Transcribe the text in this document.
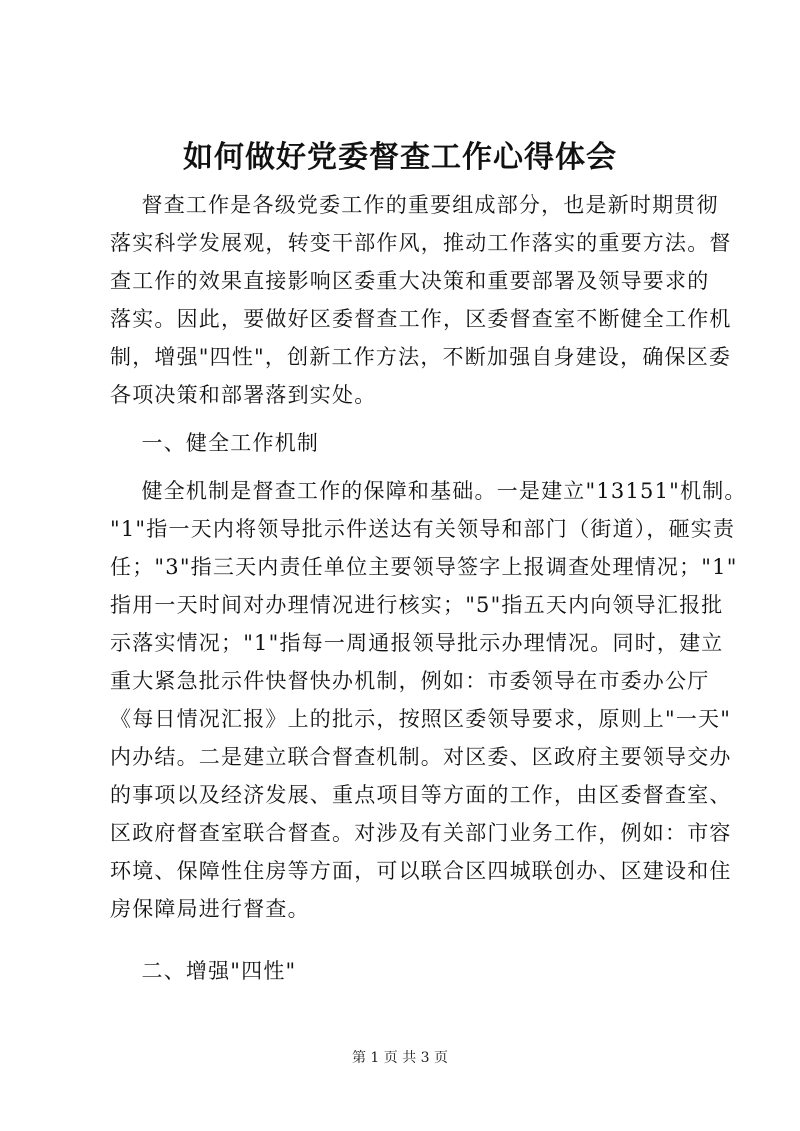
如何做好党委督查工作心得体会
督查工作是各级党委工作的重要组成部分，也是新时期贯彻
落实科学发展观，转变干部作风，推动工作落实的重要方法。督
查工作的效果直接影响区委重大决策和重要部署及领导要求的
落实。因此，要做好区委督查工作，区委督查室不断健全工作机
制，增强"四性"，创新工作方法，不断加强自身建设，确保区委
各项决策和部署落到实处。
一、健全工作机制
健全机制是督查工作的保障和基础。一是建立"13151"机制。
"1"指一天内将领导批示件送达有关领导和部门（街道），砸实责
任；"3"指三天内责任单位主要领导签字上报调查处理情况；"1"
指用一天时间对办理情况进行核实；"5"指五天内向领导汇报批
示落实情况；"1"指每一周通报领导批示办理情况。同时，建立
重大紧急批示件快督快办机制，例如：市委领导在市委办公厅
《每日情况汇报》上的批示，按照区委领导要求，原则上"一天"
内办结。二是建立联合督查机制。对区委、区政府主要领导交办
的事项以及经济发展、重点项目等方面的工作，由区委督查室、
区政府督查室联合督查。对涉及有关部门业务工作，例如：市容
环境、保障性住房等方面，可以联合区四城联创办、区建设和住
房保障局进行督查。
二、增强"四性"
第 1 页 共 3 页
